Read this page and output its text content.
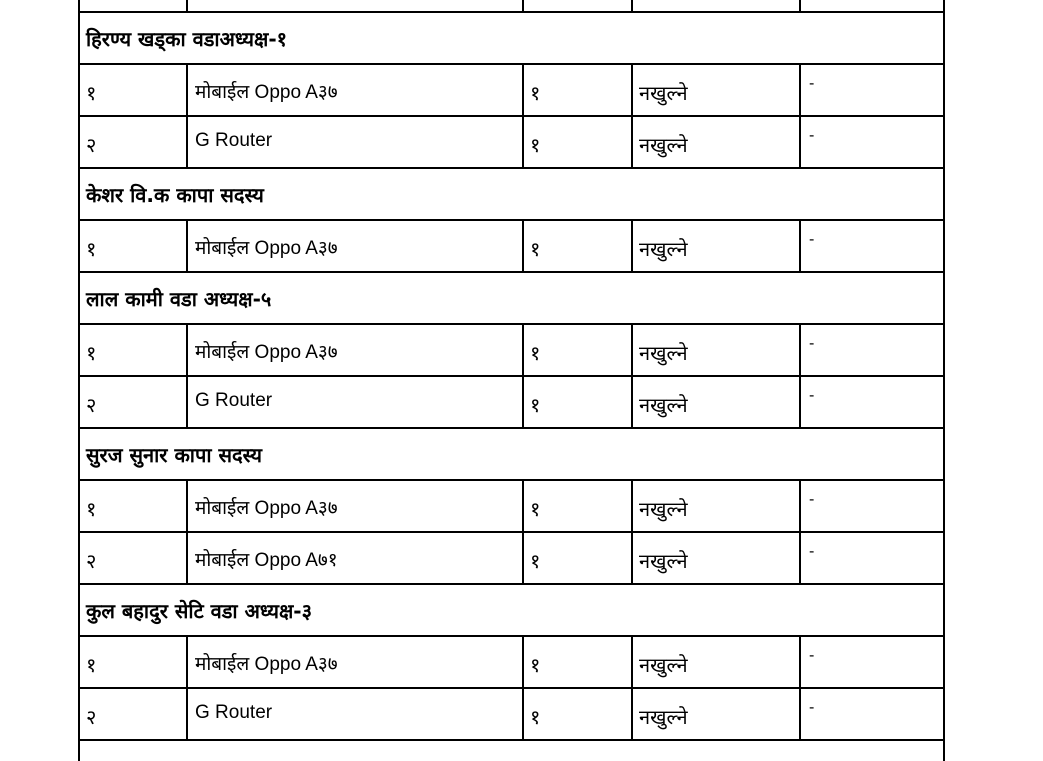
हिरण्य खड्का वडाअध्यक्ष-१				
१	मोबाईल Oppo A३७	१	नखुल्ने	-
२	G Router	१	नखुल्ने	-
केशर वि.क कापा सदस्य				
१	मोबाईल Oppo A३७	१	नखुल्ने	-
लाल कामी वडा अध्यक्ष-५				
१	मोबाईल Oppo A३७	१	नखुल्ने	-
२	G Router	१	नखुल्ने	-
सुरज सुनार कापा सदस्य				
१	मोबाईल Oppo A३७	१	नखुल्ने	-
२	मोबाईल Oppo A७१	१	नखुल्ने	-
कुल बहादुर सेटि वडा अध्यक्ष-३				
१	मोबाईल Oppo A३७	१	नखुल्ने	-
२	G Router	१	नखुल्ने	-
